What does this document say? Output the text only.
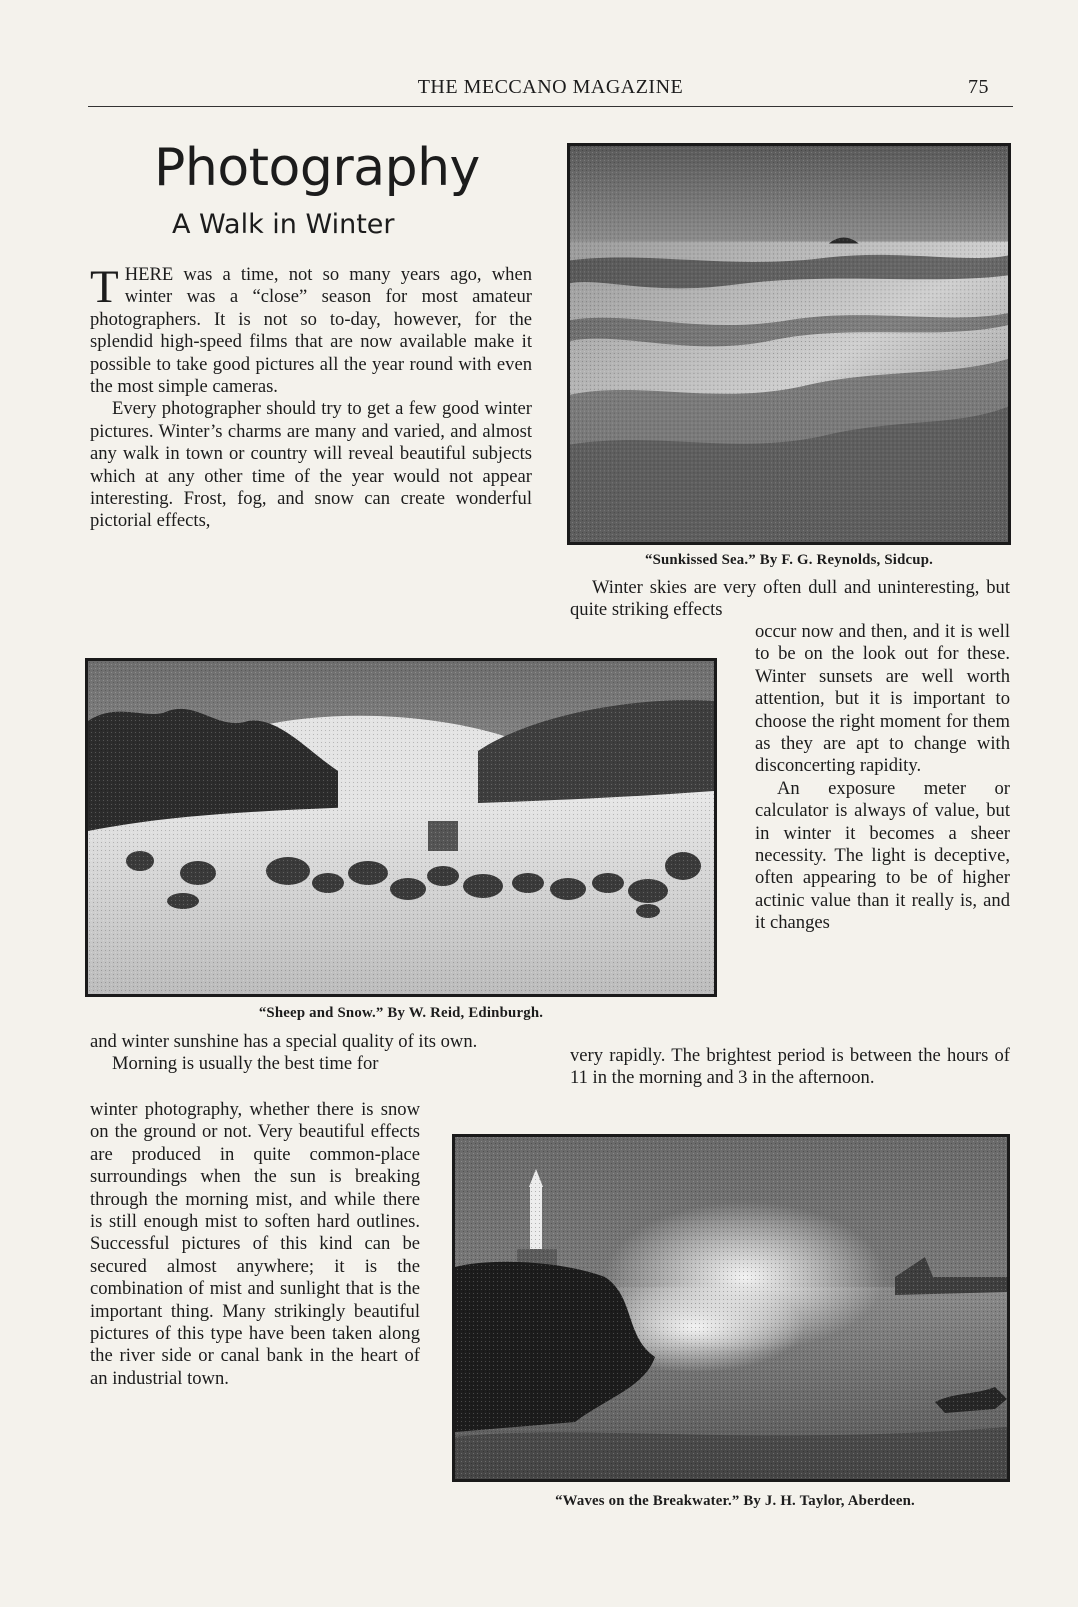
THE MECCANO MAGAZINE	75
Photography
A Walk in Winter

THERE was a time, not so many years ago, when winter was a “close” season for most amateur photographers. It is not so to-day, however, for the splendid high-speed films that are now available make it possible to take good pictures all the year round with even the most simple cameras.

Every photographer should try to get a few good winter pictures. Winter’s charms are many and varied, and almost any walk in town or country will reveal beautiful subjects which at any other time of the year would not appear interesting. Frost, fog, and snow can create wonderful pictorial effects,

“Sunkissed Sea.” By F. G. Reynolds, Sidcup.

Winter skies are very often dull and uninteresting, but quite striking effects

occur now and then, and it is well to be on the look out for these. Winter sunsets are well worth attention, but it is important to choose the right moment for them as they are apt to change with disconcerting rapidity.

An exposure meter or calculator is always of value, but in winter it becomes a sheer necessity. The light is deceptive, often appearing to be of higher actinic value than it really is, and it changes

“Sheep and Snow.” By W. Reid, Edinburgh.

and winter sunshine has a special quality of its own.

Morning is usually the best time for

winter photography, whether there is snow on the ground or not. Very beautiful effects are produced in quite common-place surroundings when the sun is breaking through the morning mist, and while there is still enough mist to soften hard outlines. Successful pictures of this kind can be secured almost anywhere; it is the combination of mist and sunlight that is the important thing. Many strikingly beautiful pictures of this type have been taken along the river side or canal bank in the heart of an industrial town.

very rapidly. The brightest period is between the hours of 11 in the morning and 3 in the afternoon.

“Waves on the Breakwater.” By J. H. Taylor, Aberdeen.
